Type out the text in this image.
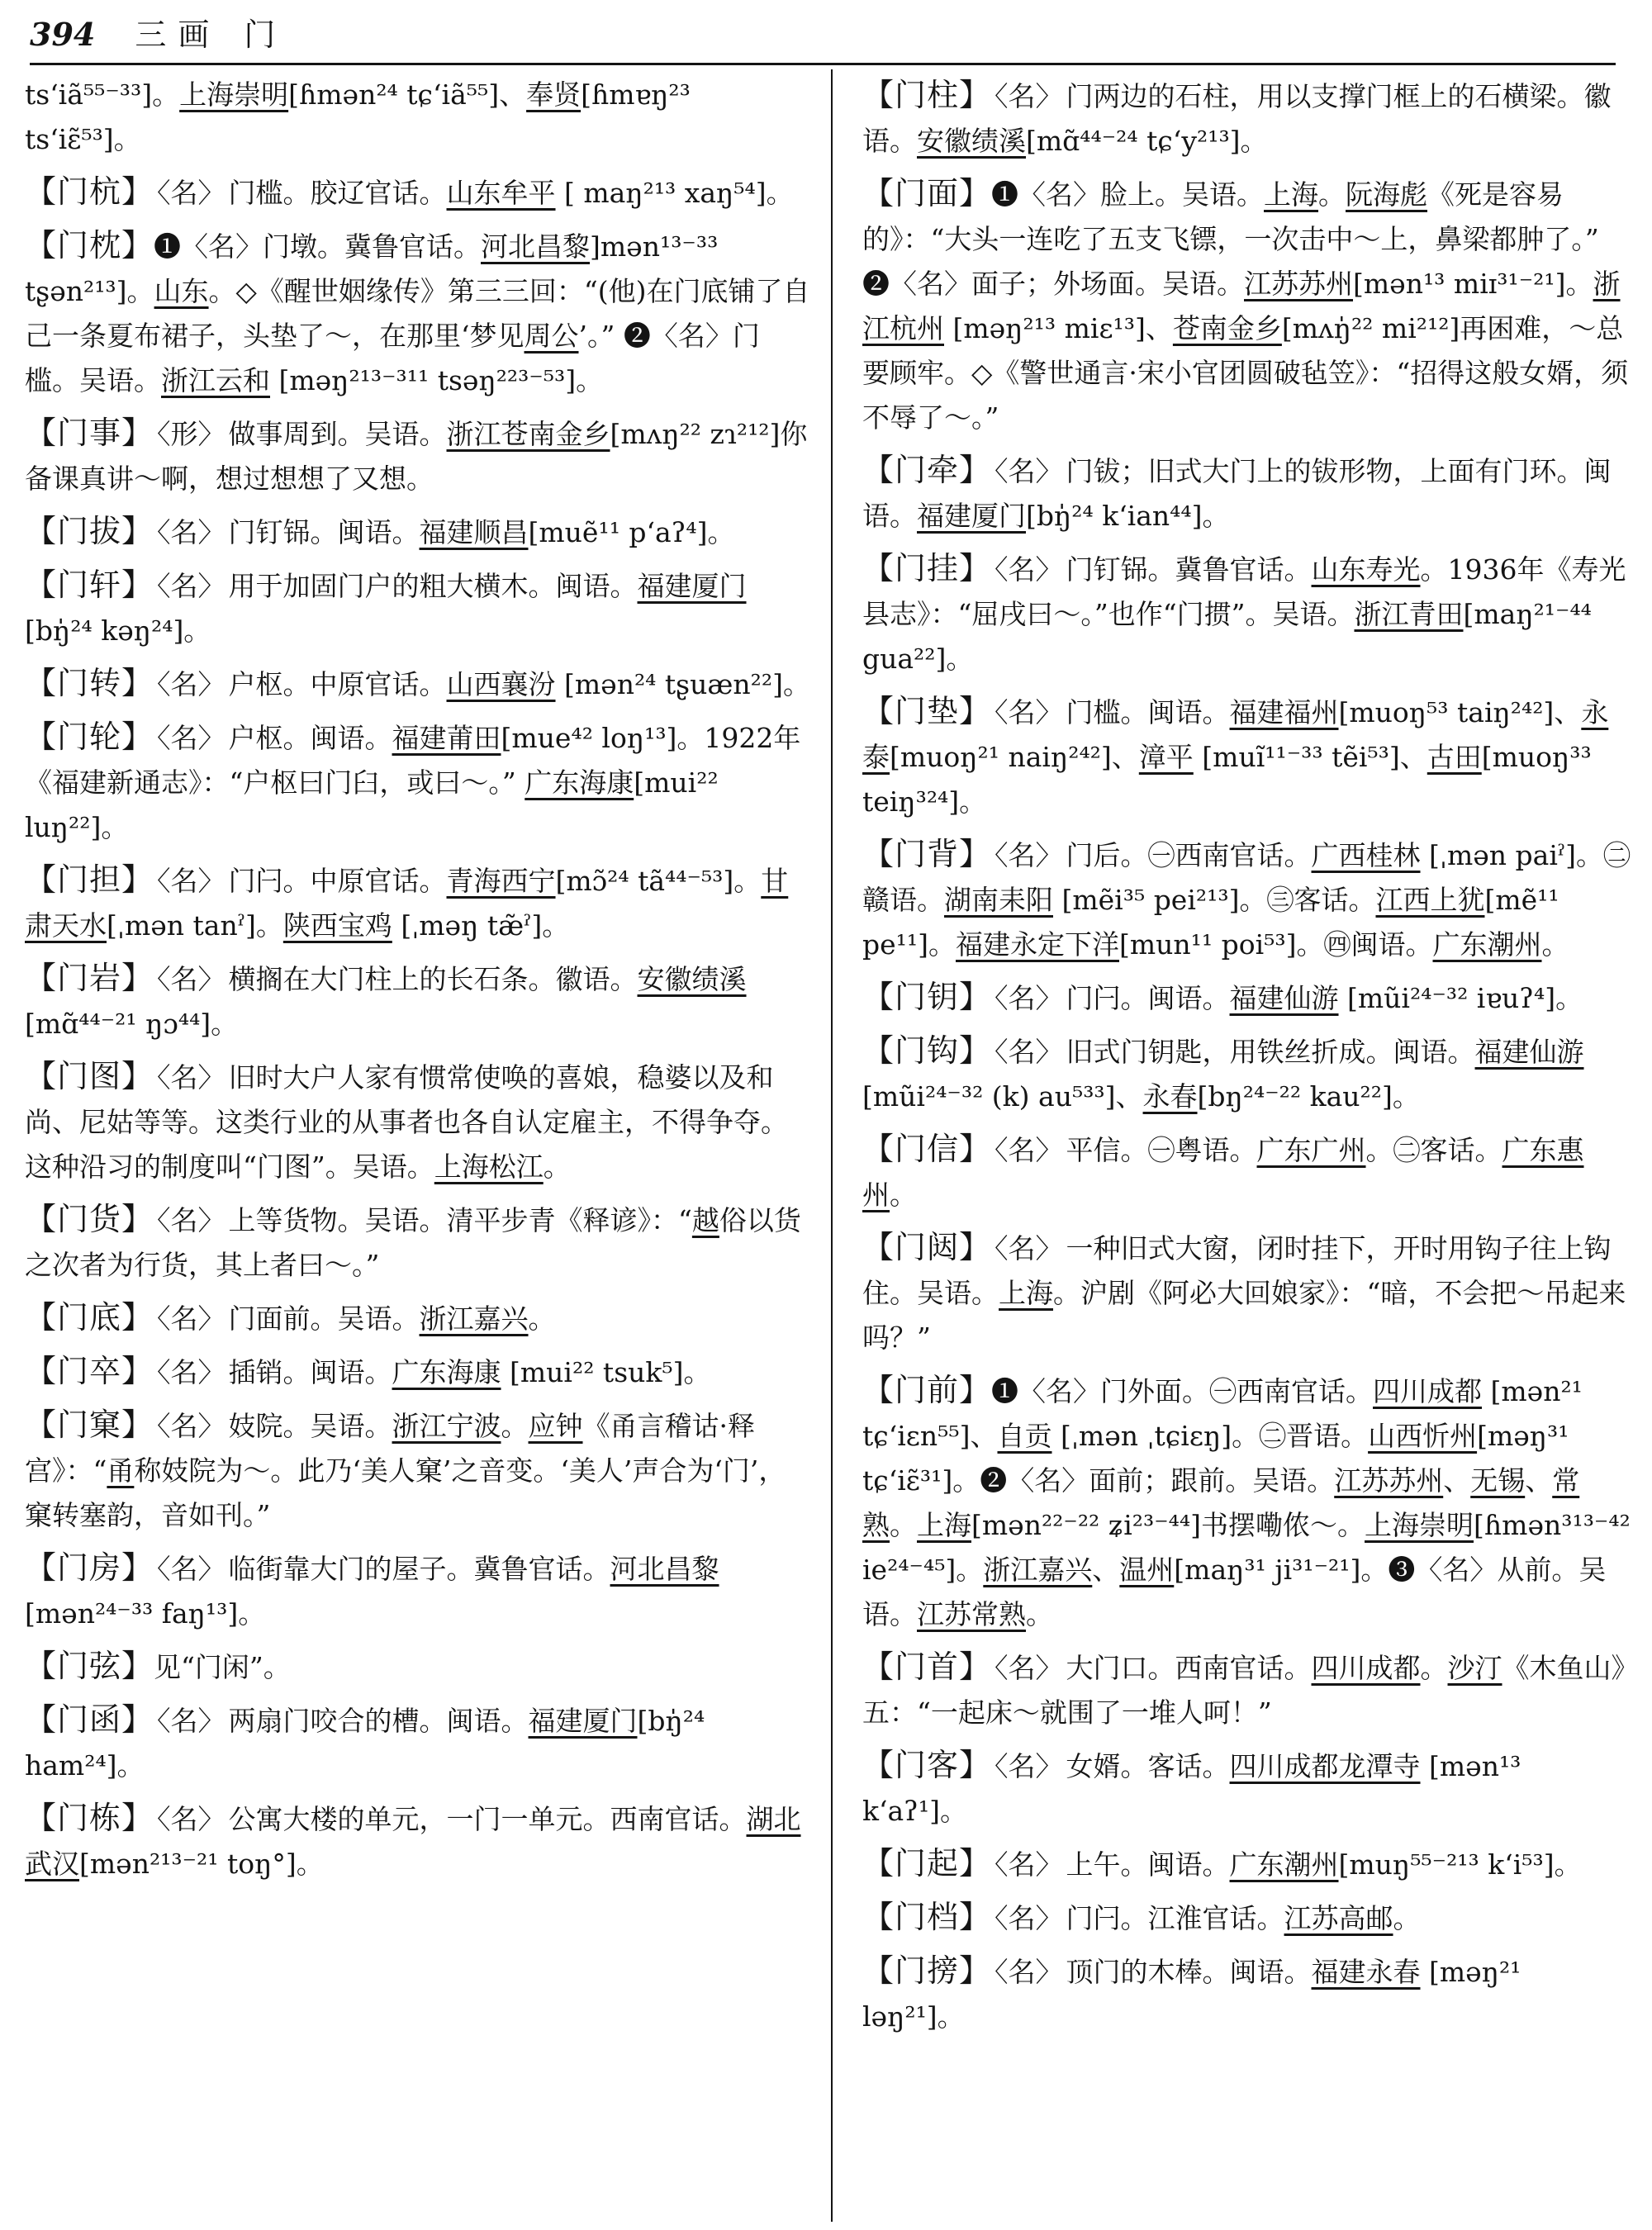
394 三画 门
tsʻiã⁵⁵⁻³³]。上海崇明[ɦmən²⁴ tɕʻiã⁵⁵]、奉贤[ɦmɐŋ²³ tsʻiɛ̃⁵³]。
【门杭】 〈名〉 门槛。胶辽官话。山东牟平 [ maŋ²¹³ xaŋ⁵⁴]。
【门枕】❶〈名〉门墩。冀鲁官话。河北昌黎]mən¹³⁻³³ tʂən²¹³]。山东。◇《醒世姻缘传》第三三回：“(他)在门底铺了自己一条夏布裙子，头垫了～，在那里‘梦见周公’。” ❷〈名〉门槛。吴语。浙江云和 [məŋ²¹³⁻³¹¹ tsəŋ²²³⁻⁵³]。
【门事】 〈形〉 做事周到。吴语。浙江苍南金乡[mʌŋ²² zɿ²¹²]你备课真讲～啊，想过想想了又想。
【门拔】 〈名〉 门钉铞。闽语。福建顺昌[muẽ¹¹ pʻaʔ⁴]。
【门轩】 〈名〉 用于加固门户的粗大横木。闽语。福建厦门[bŋ̍²⁴ kəŋ²⁴]。
【门转】 〈名〉 户枢。中原官话。山西襄汾 [mən²⁴ tʂuæn²²]。
【门轮】 〈名〉 户枢。闽语。福建莆田[mue⁴² loŋ¹³]。1922年《福建新通志》：“户枢曰门臼，或曰～。” 广东海康[mui²² luŋ²²]。
【门担】 〈名〉 门闩。中原官话。青海西宁[mɔ̃²⁴ tã⁴⁴⁻⁵³]。甘肃天水[ˌmən tanˀ]。陕西宝鸡 [ˌməŋ tæ̃ˀ]。
【门岩】 〈名〉 横搁在大门柱上的长石条。徽语。安徽绩溪[mɑ̃⁴⁴⁻²¹ ŋɔ⁴⁴]。
【门图】 〈名〉 旧时大户人家有惯常使唤的喜娘，稳婆以及和尚、尼姑等等。这类行业的从事者也各自认定雇主，不得争夺。这种沿习的制度叫“门图”。吴语。上海松江。
【门货】 〈名〉 上等货物。吴语。清平步青《释谚》：“越俗以货之次者为行货，其上者曰～。”
【门底】 〈名〉 门面前。吴语。浙江嘉兴。
【门卒】 〈名〉 插销。闽语。广东海康 [mui²² tsuk⁵]。
【门窠】 〈名〉 妓院。吴语。浙江宁波。应钟《甬言稽诂·释宫》：“甬称妓院为～。此乃‘美人窠’之音变。‘美人’声合为‘门’，窠转塞韵，音如刊。”
【门房】 〈名〉 临街靠大门的屋子。冀鲁官话。河北昌黎[mən²⁴⁻³³ faŋ¹³]。
【门弦】见“门闲”。
【门函】 〈名〉 两扇门咬合的槽。闽语。福建厦门[bŋ̍²⁴ ham²⁴]。
【门栋】 〈名〉 公寓大楼的单元，一门一单元。西南官话。湖北武汉[mən²¹³⁻²¹ toŋ°]。
【门柱】 〈名〉 门两边的石柱，用以支撑门框上的石横梁。徽语。安徽绩溪[mɑ̃⁴⁴⁻²⁴ tɕʻy²¹³]。
【门面】❶〈名〉脸上。吴语。上海。阮海彪《死是容易的》：“大头一连吃了五支飞镖，一次击中～上，鼻梁都肿了。” ❷〈名〉面子；外场面。吴语。江苏苏州[mən¹³ miɪ³¹⁻²¹]。浙江杭州 [məŋ²¹³ miɛ¹³]、苍南金乡[mʌŋ̍²² mi²¹²]再困难，～总要顾牢。◇《警世通言·宋小官团圆破毡笠》：“招得这般女婿，须不辱了～。”
【门牵】 〈名〉 门钹；旧式大门上的钹形物，上面有门环。闽语。福建厦门[bŋ̍²⁴ kʻian⁴⁴]。
【门挂】 〈名〉 门钉铞。冀鲁官话。山东寿光。1936年《寿光县志》：“屈戌曰～。”也作“门掼”。吴语。浙江青田[maŋ²¹⁻⁴⁴ gua²²]。
【门垫】 〈名〉 门槛。闽语。福建福州[muoŋ⁵³ taiŋ²⁴²]、永泰[muoŋ²¹ naiŋ²⁴²]、漳平 [muĩ¹¹⁻³³ tẽi⁵³]、古田[muoŋ³³ teiŋ³²⁴]。
【门背】 〈名〉 门后。㊀西南官话。广西桂林 [ˌmən paiˀ]。㊁赣语。湖南耒阳 [mẽi³⁵ pei²¹³]。㊂客话。江西上犹[mẽ¹¹ pe¹¹]。福建永定下洋[mun¹¹ poi⁵³]。㊃闽语。广东潮州。
【门钥】 〈名〉 门闩。闽语。福建仙游 [mũi²⁴⁻³² iɐuʔ⁴]。
【门钩】 〈名〉 旧式门钥匙，用铁丝折成。闽语。福建仙游[mũi²⁴⁻³² (k) au⁵³³]、永春[bŋ²⁴⁻²² kau²²]。
【门信】 〈名〉 平信。㊀粤语。广东广州。㊁客话。广东惠州。
【门闼】 〈名〉 一种旧式大窗，闭时挂下，开时用钩子往上钩住。吴语。上海。沪剧《阿必大回娘家》：“暗，不会把～吊起来吗？”
【门前】❶〈名〉门外面。㊀西南官话。四川成都 [mən²¹ tɕʻiɛn⁵⁵]、自贡 [ˌmən ˌtɕiɛŋ]。㊁晋语。山西忻州[məŋ³¹ tɕʻiɛ̃³¹]。❷〈名〉面前；跟前。吴语。江苏苏州、无锡、常熟。上海[mən²²⁻²² ʑi²³⁻⁴⁴]书摆嘞侬～。上海崇明[ɦmən³¹³⁻⁴² ie²⁴⁻⁴⁵]。浙江嘉兴、温州[maŋ³¹ ji³¹⁻²¹]。❸〈名〉从前。吴语。江苏常熟。
【门首】 〈名〉 大门口。西南官话。四川成都。沙汀《木鱼山》五：“一起床～就围了一堆人呵！”
【门客】 〈名〉 女婿。客话。四川成都龙潭寺 [mən¹³ kʻaʔ¹]。
【门起】 〈名〉 上午。闽语。广东潮州[muŋ⁵⁵⁻²¹³ kʻi⁵³]。
【门档】 〈名〉 门闩。江淮官话。江苏高邮。
【门搒】 〈名〉 顶门的木棒。闽语。福建永春 [məŋ²¹ ləŋ²¹]。
